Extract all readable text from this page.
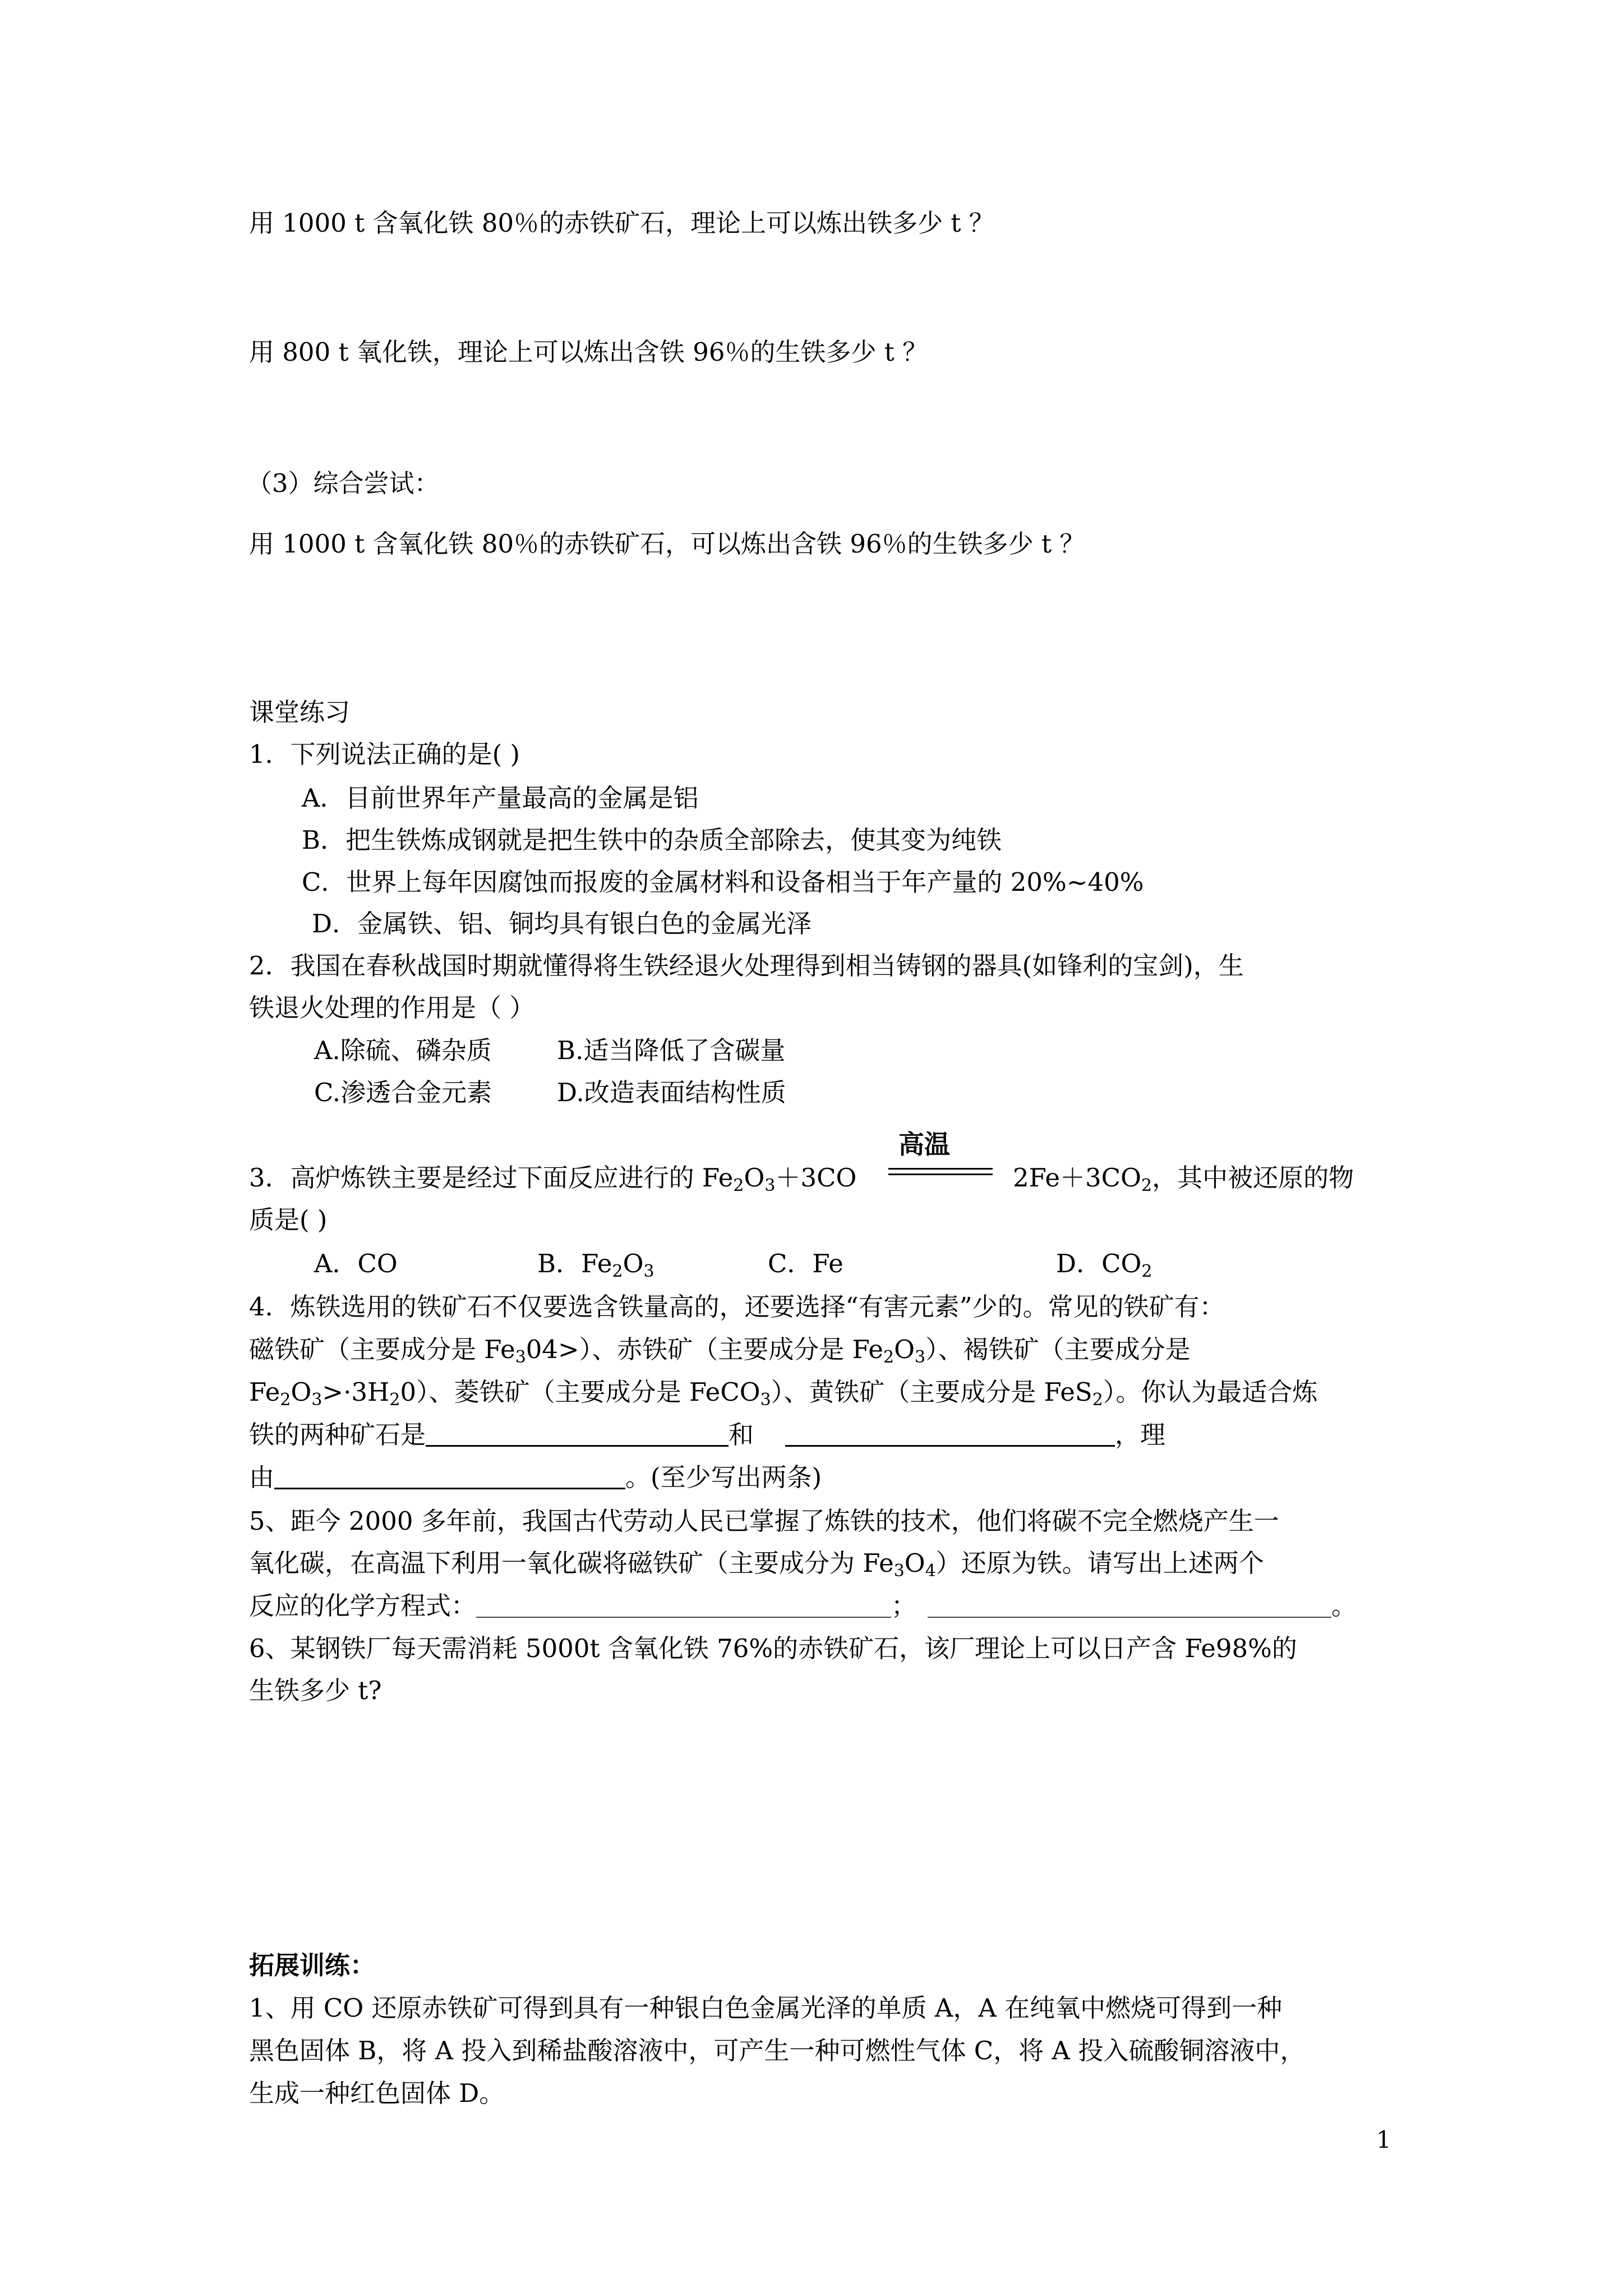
用 1000 t 含氧化铁 80％的赤铁矿石，理论上可以炼出铁多少 t ？
用 800 t 氧化铁，理论上可以炼出含铁 96％的生铁多少 t ？
（3）综合尝试：
用 1000 t 含氧化铁 80％的赤铁矿石，可以炼出含铁 96％的生铁多少 t ？
课堂练习
1．下列说法正确的是( )
A．目前世界年产量最高的金属是铝
B．把生铁炼成钢就是把生铁中的杂质全部除去，使其变为纯铁
C．世界上每年因腐蚀而报废的金属材料和设备相当于年产量的 20%~40%
D．金属铁、铝、铜均具有银白色的金属光泽
2．我国在春秋战国时期就懂得将生铁经退火处理得到相当铸钢的器具(如锋利的宝剑)，生
铁退火处理的作用是（ ）
A.除硫、磷杂质	B.适当降低了含碳量
C.渗透合金元素	D.改造表面结构性质
3．高炉炼铁主要是经过下面反应进行的 $Fe_2O_3+3CO$
高温
$2Fe+3CO_2$，其中被还原的物
质是( )
A．CO	B．$Fe_2O_3$	C．Fe	D．$CO_2$
4．炼铁选用的铁矿石不仅要选含铁量高的，还要选择“有害元素”少的。常见的铁矿有：
磁铁矿（主要成分是 $Fe_304>$）、赤铁矿（主要成分是 $Fe_2O_3$）、褐铁矿（主要成分是
$Fe_2O_3>\cdot 3H_20$）、菱铁矿（主要成分是 FeCO$_3$）、黄铁矿（主要成分是 FeS$_2$）。你认为最适合炼
铁的两种矿石是	和	，理
由	。(至少写出两条)
5、距今 2000 多年前，我国古代劳动人民已掌握了炼铁的技术，他们将碳不完全燃烧产生一
氧化碳，在高温下利用一氧化碳将磁铁矿（主要成分为 $Fe_3O_4$）还原为铁。请写出上述两个
反应的化学方程式：	；	。
6、某钢铁厂每天需消耗 5000t 含氧化铁 76%的赤铁矿石，该厂理论上可以日产含 Fe98%的
生铁多少 t?
拓展训练：
1、用 CO 还原赤铁矿可得到具有一种银白色金属光泽的单质 A，A 在纯氧中燃烧可得到一种
黑色固体 B，将 A 投入到稀盐酸溶液中，可产生一种可燃性气体 C，将 A 投入硫酸铜溶液中，
生成一种红色固体 D。
1
